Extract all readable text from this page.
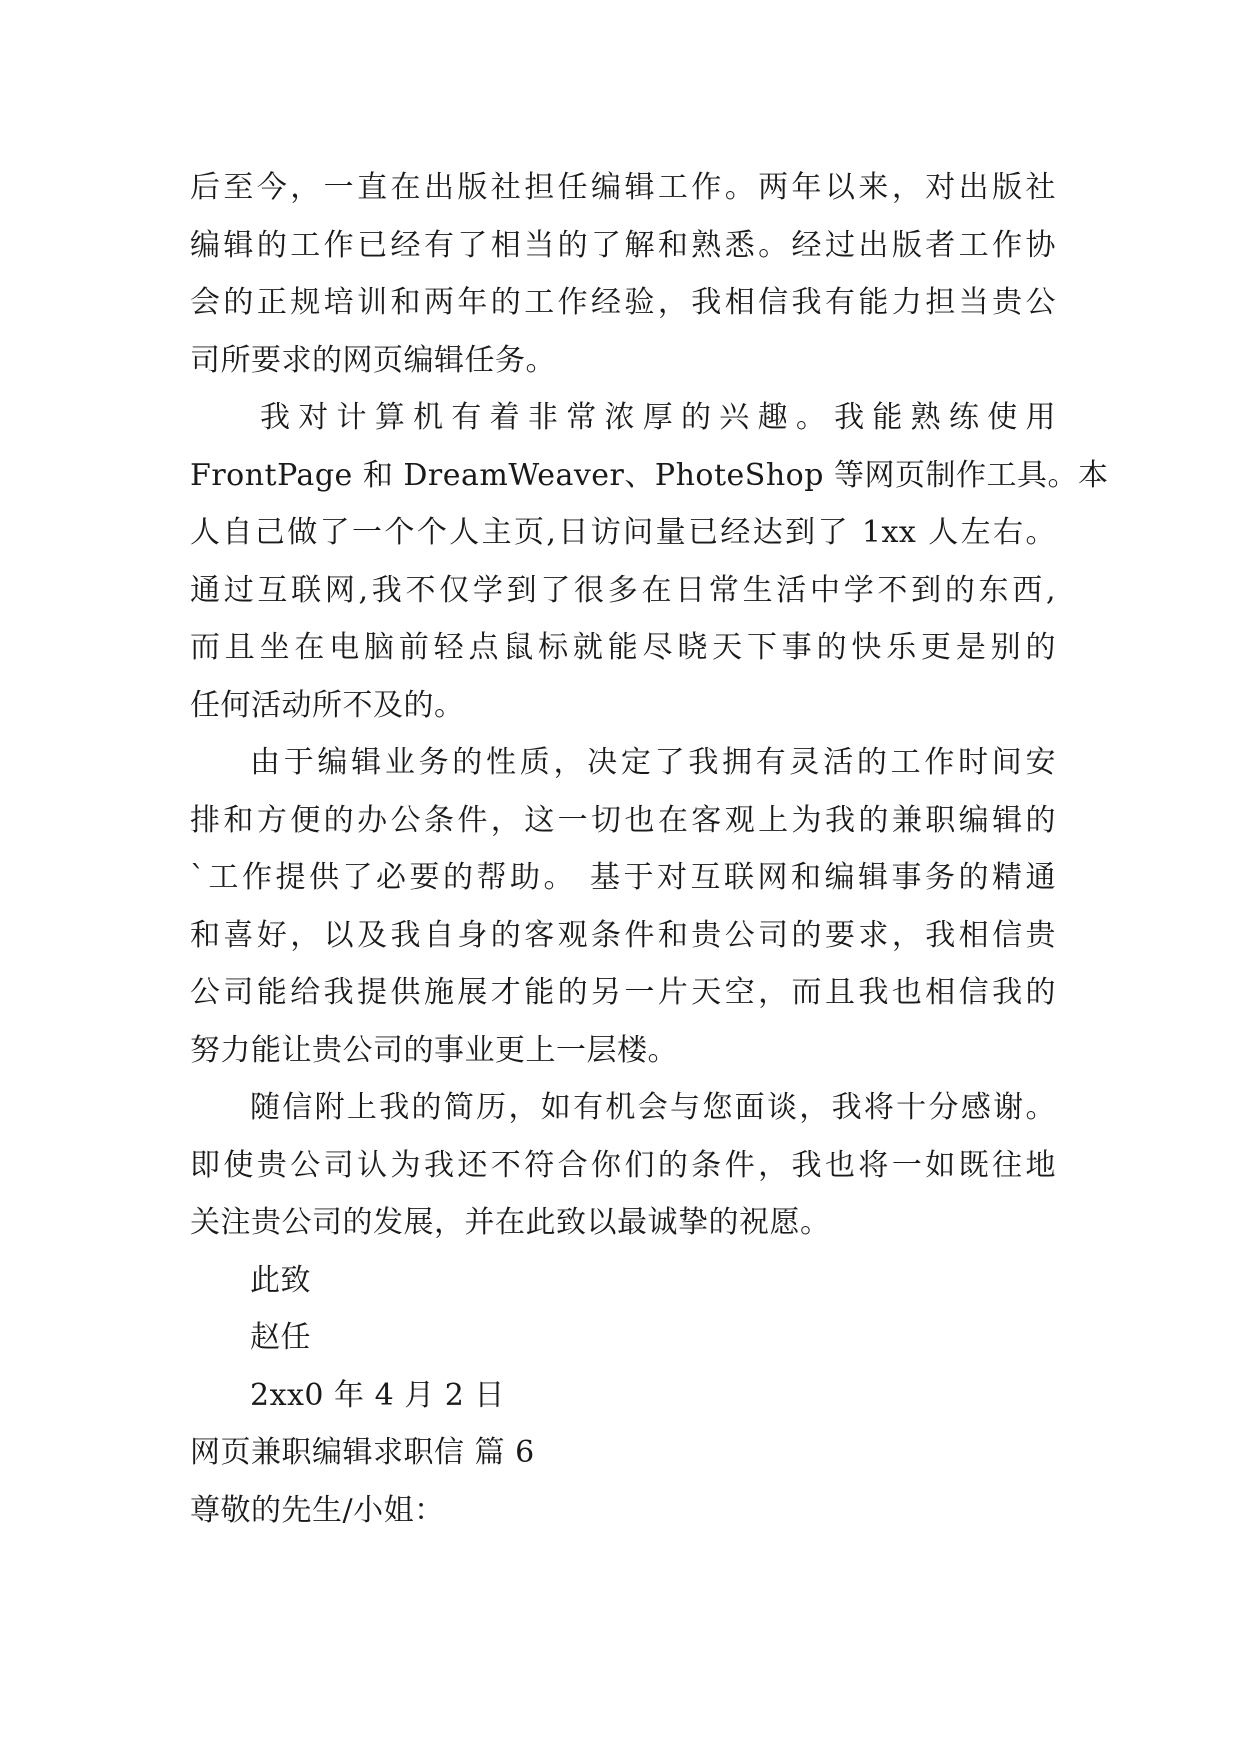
后至今，一直在出版社担任编辑工作。两年以来，对出版社
编辑的工作已经有了相当的了解和熟悉。经过出版者工作协
会的正规培训和两年的工作经验，我相信我有能力担当贵公
司所要求的网页编辑任务。
我对计算机有着非常浓厚的兴趣。我能熟练使用
FrontPage 和 DreamWeaver、PhoteShop 等网页制作工具。本
人自己做了一个个人主页,日访问量已经达到了 1xx 人左右。
通过互联网,我不仅学到了很多在日常生活中学不到的东西,
而且坐在电脑前轻点鼠标就能尽晓天下事的快乐更是别的
任何活动所不及的。
由于编辑业务的性质，决定了我拥有灵活的工作时间安
排和方便的办公条件，这一切也在客观上为我的兼职编辑的
`工作提供了必要的帮助。 基于对互联网和编辑事务的精通
和喜好，以及我自身的客观条件和贵公司的要求，我相信贵
公司能给我提供施展才能的另一片天空，而且我也相信我的
努力能让贵公司的事业更上一层楼。
随信附上我的简历，如有机会与您面谈，我将十分感谢。
即使贵公司认为我还不符合你们的条件，我也将一如既往地
关注贵公司的发展，并在此致以最诚挚的祝愿。
此致
赵任
2xx0 年 4 月 2 日
网页兼职编辑求职信 篇 6
尊敬的先生/小姐：
